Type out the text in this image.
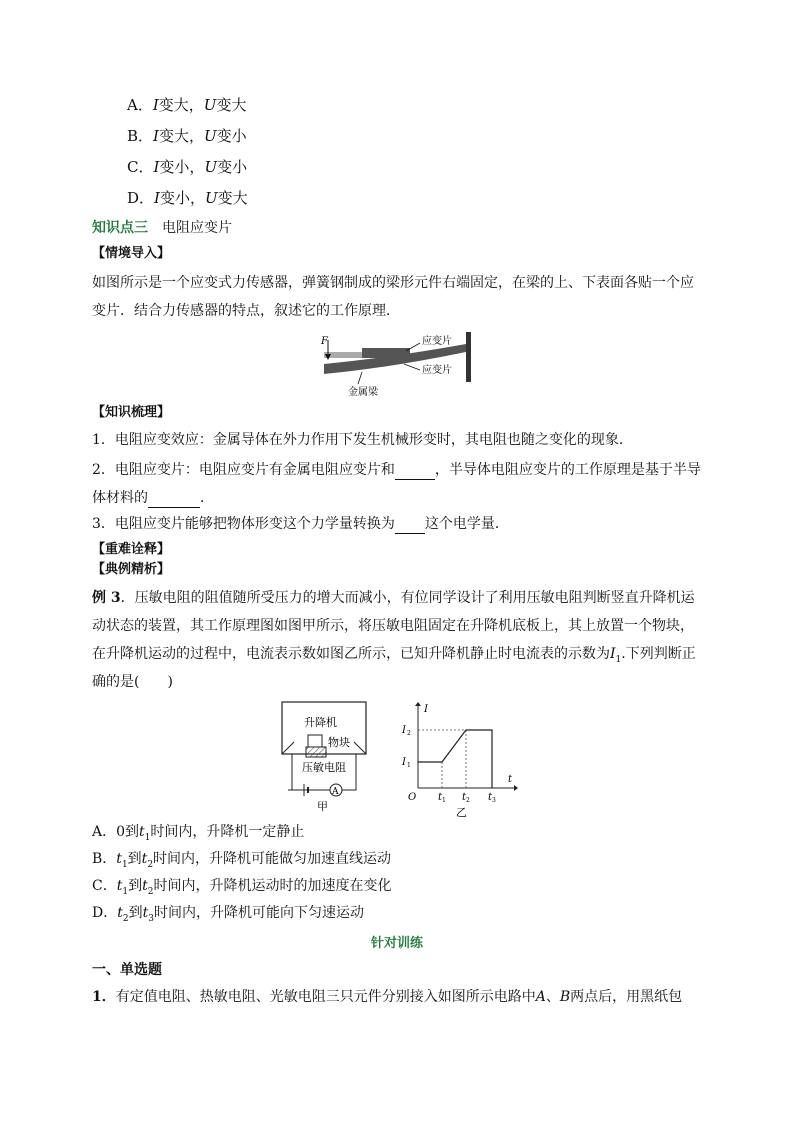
A．I变大，U变大
B．I变大，U变小
C．I变小，U变小
D．I变小，U变大
知识点三　 电阻应变片
【情境导入】
如图所示是一个应变式力传感器，弹簧钢制成的梁形元件右端固定，在梁的上、下表面各贴一个应
变片．结合力传感器的特点，叙述它的工作原理．
F	应变片
应变片
金属梁
【知识梳理】
1．电阻应变效应：金属导体在外力作用下发生机械形变时，其电阻也随之变化的现象．
2．电阻应变片：电阻应变片有金属电阻应变片和	，半导体电阻应变片的工作原理是基于半导
体材料的	．
3．电阻应变片能够把物体形变这个力学量转换为 这个电学量．
【重难诠释】
【典例精析】
例 3．压敏电阻的阻值随所受压力的增大而减小，有位同学设计了利用压敏电阻判断竖直升降机运
动状态的装置，其工作原理图如图甲所示，将压敏电阻固定在升降机底板上，其上放置一个物块，
在升降机运动的过程中，电流表示数如图乙所示，已知升降机静止时电流表的示数为$I_1$.下列判断正
确的是(　　)
升降机
物块
压敏电阻
A
甲
I
t
O
I 2
I 1
t 1 t 2 t 3
乙
A．0到$t_1$时间内，升降机一定静止
B．$t_1$到$t_2$时间内，升降机可能做匀加速直线运动
C．$t_1$到$t_2$时间内，升降机运动时的加速度在变化
D．$t_2$到$t_3$时间内，升降机可能向下匀速运动
针对训练
一、单选题
1．有定值电阻、热敏电阻、光敏电阻三只元件分别接入如图所示电路中A、B两点后，用黑纸包
